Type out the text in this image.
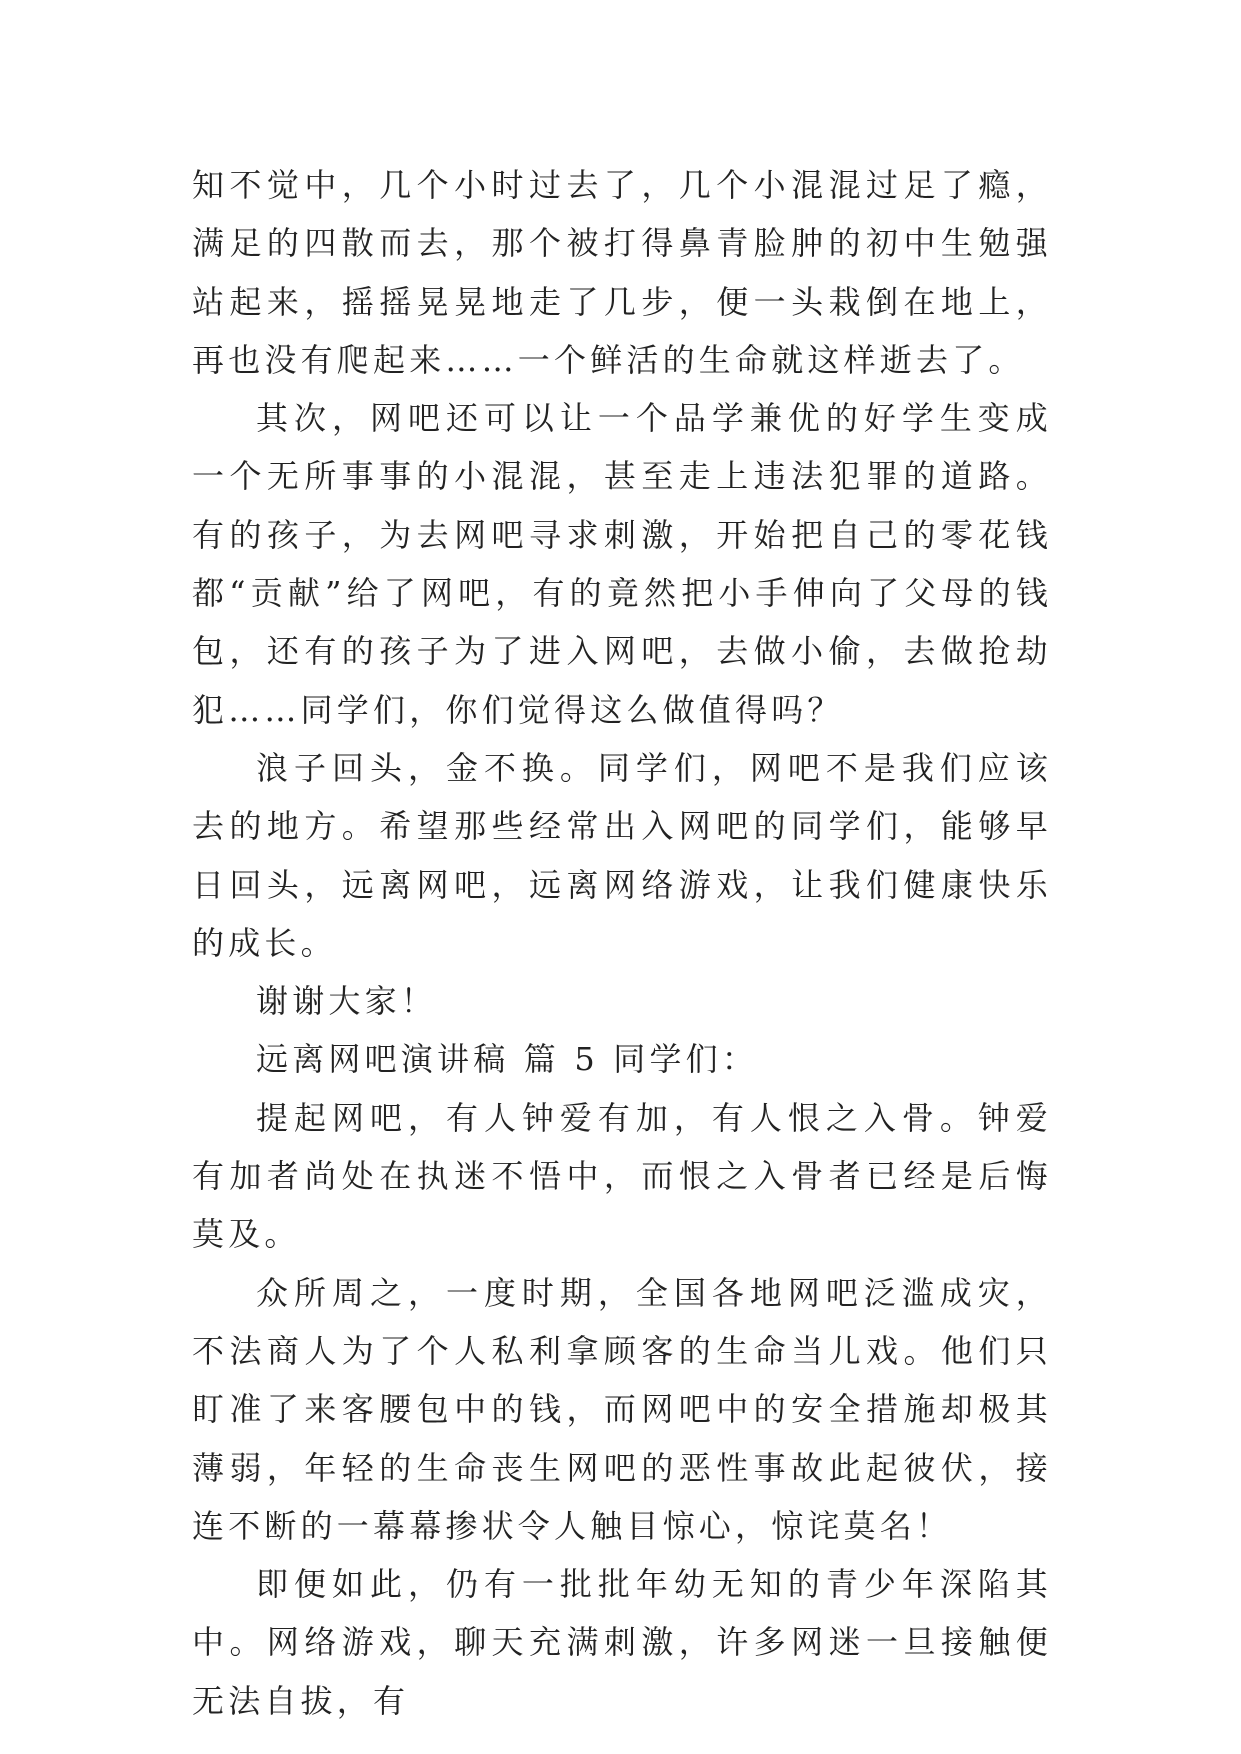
知不觉中，几个小时过去了，几个小混混过足了瘾，满足的四散而去，那个被打得鼻青脸肿的初中生勉强站起来，摇摇晃晃地走了几步，便一头栽倒在地上，再也没有爬起来……一个鲜活的生命就这样逝去了。

其次，网吧还可以让一个品学兼优的好学生变成一个无所事事的小混混，甚至走上违法犯罪的道路。有的孩子，为去网吧寻求刺激，开始把自己的零花钱都“贡献”给了网吧，有的竟然把小手伸向了父母的钱包，还有的孩子为了进入网吧，去做小偷，去做抢劫犯……同学们，你们觉得这么做值得吗？

浪子回头，金不换。同学们，网吧不是我们应该去的地方。希望那些经常出入网吧的同学们，能够早日回头，远离网吧，远离网络游戏，让我们健康快乐的成长。

谢谢大家！

远离网吧演讲稿 篇 5 同学们：

提起网吧，有人钟爱有加，有人恨之入骨。钟爱有加者尚处在执迷不悟中，而恨之入骨者已经是后悔莫及。

众所周之，一度时期，全国各地网吧泛滥成灾，不法商人为了个人私利拿顾客的生命当儿戏。他们只盯准了来客腰包中的钱，而网吧中的安全措施却极其薄弱，年轻的生命丧生网吧的恶性事故此起彼伏，接连不断的一幕幕掺状令人触目惊心，惊诧莫名！

即便如此，仍有一批批年幼无知的青少年深陷其中。网络游戏，聊天充满刺激，许多网迷一旦接触便无法自拔，有
